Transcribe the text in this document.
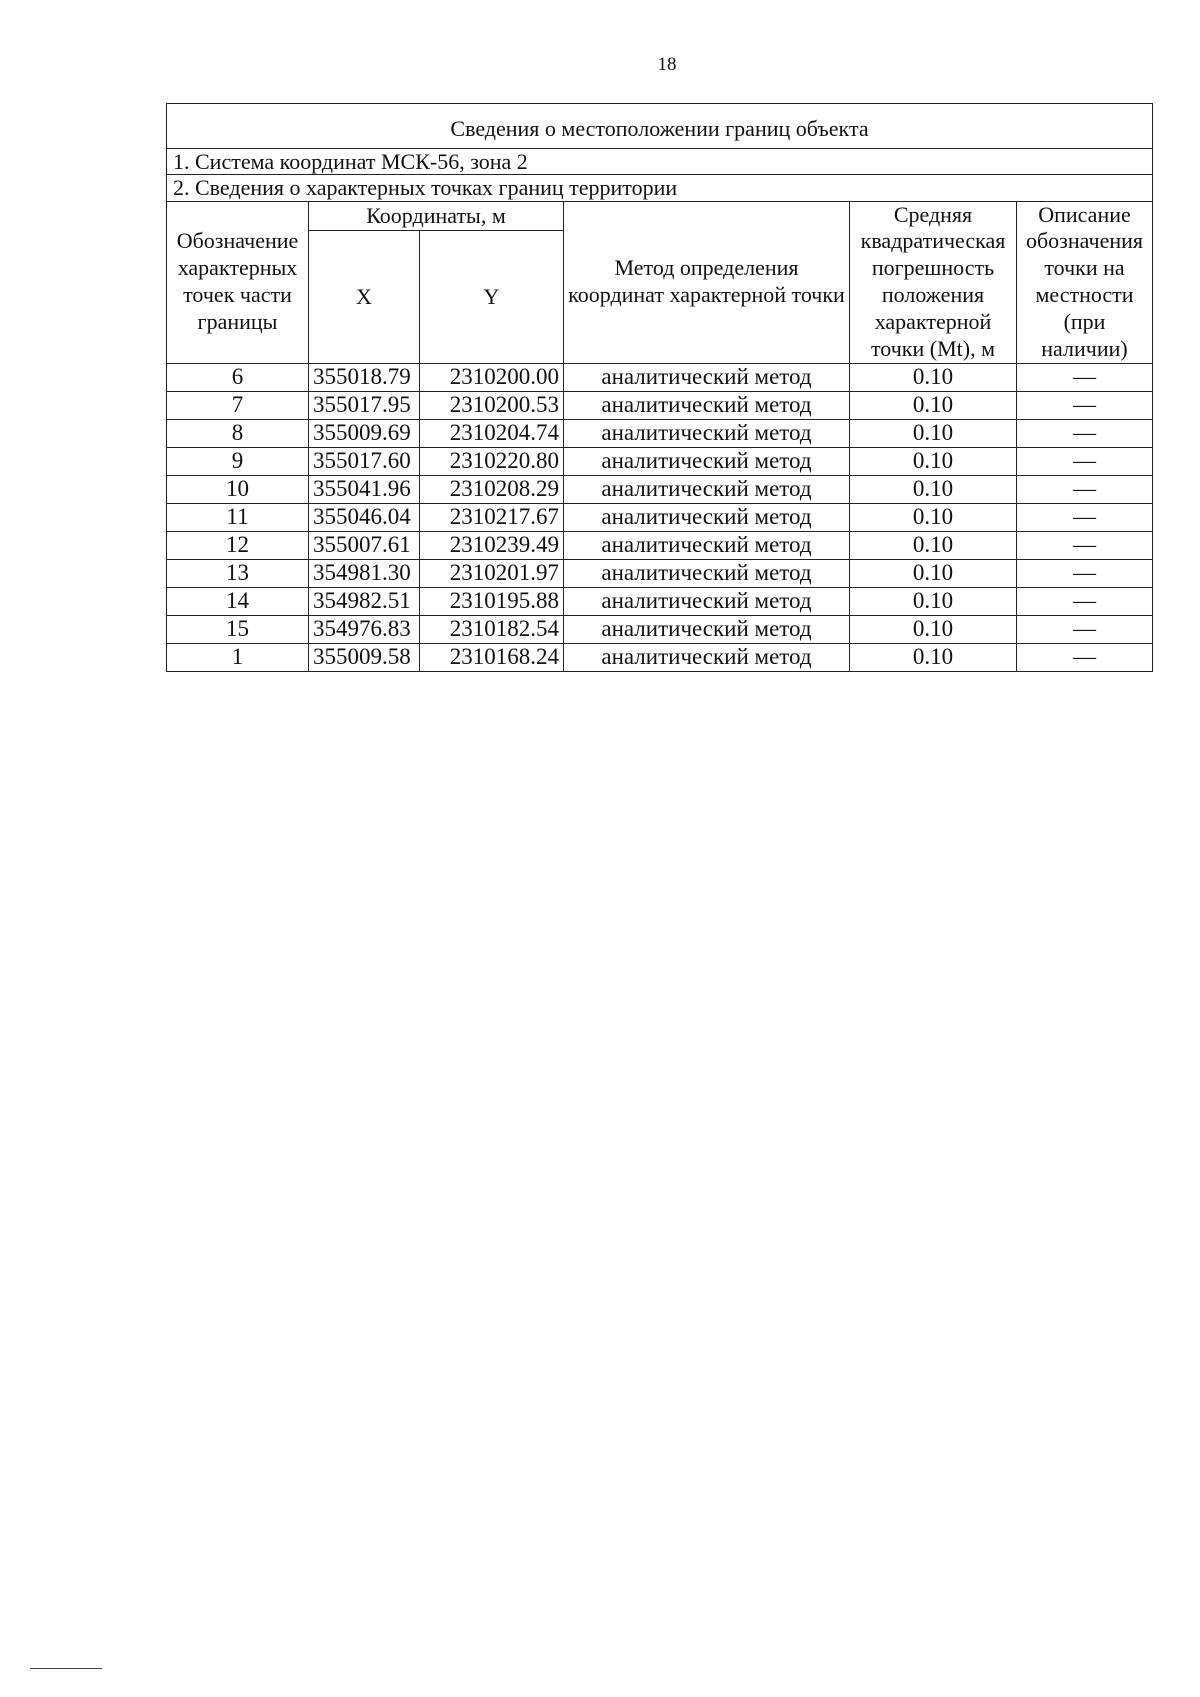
18
Сведения о местоположении границ объекта					
1. Система координат МСК-56, зона 2					
2. Сведения о характерных точках границ территории					
Обозначение характерных точек части границы	Координаты, м		Метод определения координат характерной точки	Средняя квадратическая погрешность положения характерной точки (Mt), м	Описание обозначения точки на местности (при наличии)
	X	Y			
6	355018.79	2310200.00	аналитический метод	0.10	—
7	355017.95	2310200.53	аналитический метод	0.10	—
8	355009.69	2310204.74	аналитический метод	0.10	—
9	355017.60	2310220.80	аналитический метод	0.10	—
10	355041.96	2310208.29	аналитический метод	0.10	—
11	355046.04	2310217.67	аналитический метод	0.10	—
12	355007.61	2310239.49	аналитический метод	0.10	—
13	354981.30	2310201.97	аналитический метод	0.10	—
14	354982.51	2310195.88	аналитический метод	0.10	—
15	354976.83	2310182.54	аналитический метод	0.10	—
1	355009.58	2310168.24	аналитический метод	0.10	—
